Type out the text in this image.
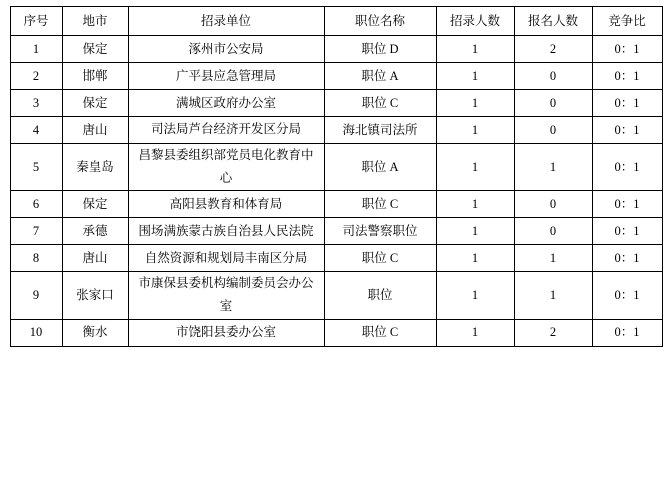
序号	地市	招录单位	职位名称	招录人数	报名人数	竞争比
1	保定	涿州市公安局	职位 D	1	2	0：1
2	邯郸	广平县应急管理局	职位 A	1	0	0：1
3	保定	满城区政府办公室	职位 C	1	0	0：1
4	唐山	司法局芦台经济开发区分局	海北镇司法所	1	0	0：1
5	秦皇岛	昌黎县委组织部党员电化教育中心	职位 A	1	1	0：1
6	保定	高阳县教育和体育局	职位 C	1	0	0：1
7	承德	围场满族蒙古族自治县人民法院	司法警察职位	1	0	0：1
8	唐山	自然资源和规划局丰南区分局	职位 C	1	1	0：1
9	张家口	市康保县委机构编制委员会办公室	职位	1	1	0：1
10	衡水	市饶阳县委办公室	职位 C	1	2	0：1
